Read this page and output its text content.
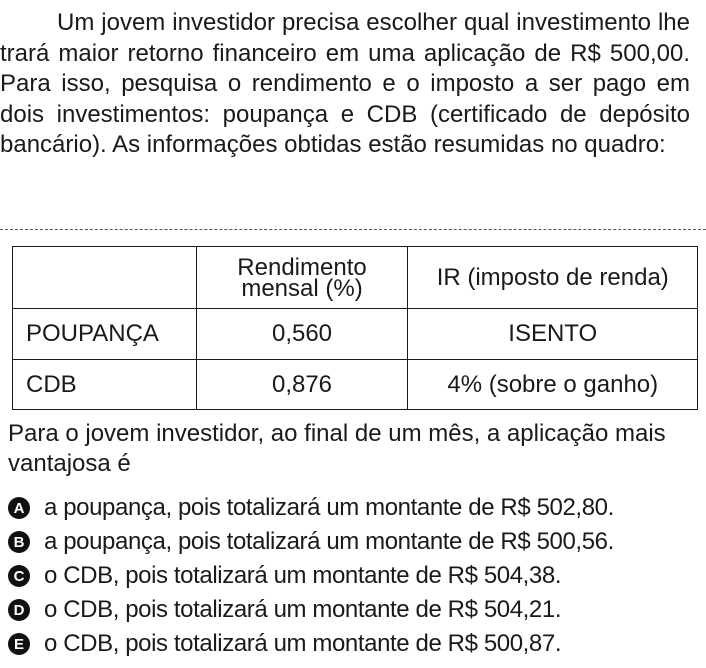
Um jovem investidor precisa escolher qual investimento lhe trará maior retorno financeiro em uma aplicação de R$ 500,00. Para isso, pesquisa o rendimento e o imposto a ser pago em dois investimentos: poupança e CDB (certificado de depósito bancário). As informações obtidas estão resumidas no quadro:

	Rendimento mensal (%)	IR (imposto de renda)
POUPANÇA	0,560	ISENTO
CDB	0,876	4% (sobre o ganho)
Para o jovem investidor, ao final de um mês, a aplicação mais vantajosa é
A a poupança, pois totalizará um montante de R$ 502,80.
B a poupança, pois totalizará um montante de R$ 500,56.
C o CDB, pois totalizará um montante de R$ 504,38.
D o CDB, pois totalizará um montante de R$ 504,21.
E o CDB, pois totalizará um montante de R$ 500,87.
